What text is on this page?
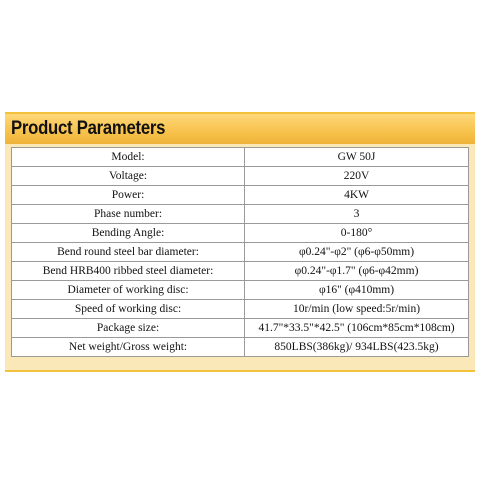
Product Parameters
Model:	GW 50J
Voltage:	220V
Power:	4KW
Phase number:	3
Bending Angle:	0-180°
Bend round steel bar diameter:	φ0.24"-φ2" (φ6-φ50mm)
Bend HRB400 ribbed steel diameter:	φ0.24"-φ1.7" (φ6-φ42mm)
Diameter of working disc:	φ16" (φ410mm)
Speed of working disc:	10r/min (low speed:5r/min)
Package size:	41.7"*33.5"*42.5" (106cm*85cm*108cm)
Net weight/Gross weight:	850LBS(386kg)/ 934LBS(423.5kg)
